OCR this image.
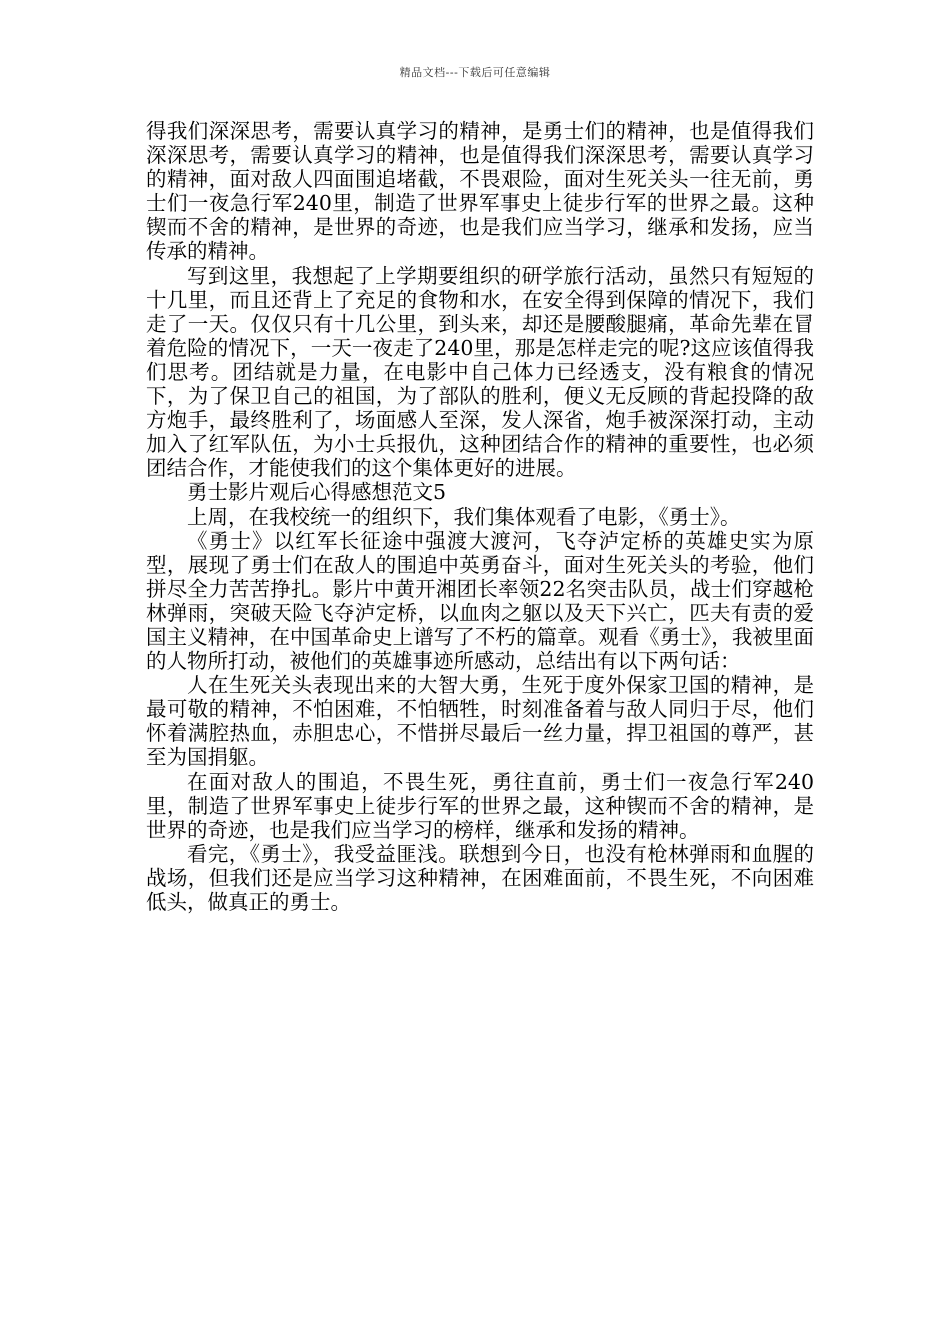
精品文档---下载后可任意编辑

得我们深深思考，需要认真学习的精神，是勇士们的精神，也是值得我们深深思考，需要认真学习的精神，也是值得我们深深思考，需要认真学习的精神，面对敌人四面围追堵截，不畏艰险，面对生死关头一往无前，勇士们一夜急行军240里，制造了世界军事史上徒步行军的世界之最。这种锲而不舍的精神，是世界的奇迹，也是我们应当学习，继承和发扬，应当传承的精神。

写到这里，我想起了上学期要组织的研学旅行活动，虽然只有短短的十几里，而且还背上了充足的食物和水，在安全得到保障的情况下，我们走了一天。仅仅只有十几公里，到头来，却还是腰酸腿痛，革命先辈在冒着危险的情况下，一天一夜走了240里，那是怎样走完的呢?这应该值得我们思考。团结就是力量，在电影中自己体力已经透支，没有粮食的情况下，为了保卫自己的祖国，为了部队的胜利，便义无反顾的背起投降的敌方炮手，最终胜利了，场面感人至深，发人深省，炮手被深深打动，主动加入了红军队伍，为小士兵报仇，这种团结合作的精神的重要性，也必须团结合作，才能使我们的这个集体更好的进展。

勇士影片观后心得感想范文5

上周，在我校统一的组织下，我们集体观看了电影，《勇士》。

《勇士》以红军长征途中强渡大渡河，飞夺泸定桥的英雄史实为原型，展现了勇士们在敌人的围追中英勇奋斗，面对生死关头的考验，他们拼尽全力苦苦挣扎。影片中黄开湘团长率领22名突击队员，战士们穿越枪林弹雨，突破天险飞夺泸定桥，以血肉之躯以及天下兴亡，匹夫有责的爱国主义精神，在中国革命史上谱写了不朽的篇章。观看《勇士》，我被里面的人物所打动，被他们的英雄事迹所感动，总结出有以下两句话：

人在生死关头表现出来的大智大勇，生死于度外保家卫国的精神，是最可敬的精神，不怕困难，不怕牺牲，时刻准备着与敌人同归于尽，他们怀着满腔热血，赤胆忠心，不惜拼尽最后一丝力量，捍卫祖国的尊严，甚至为国捐躯。

在面对敌人的围追，不畏生死，勇往直前，勇士们一夜急行军240里，制造了世界军事史上徒步行军的世界之最，这种锲而不舍的精神，是世界的奇迹，也是我们应当学习的榜样，继承和发扬的精神。

看完，《勇士》，我受益匪浅。联想到今日，也没有枪林弹雨和血腥的战场，但我们还是应当学习这种精神，在困难面前，不畏生死，不向困难低头，做真正的勇士。
